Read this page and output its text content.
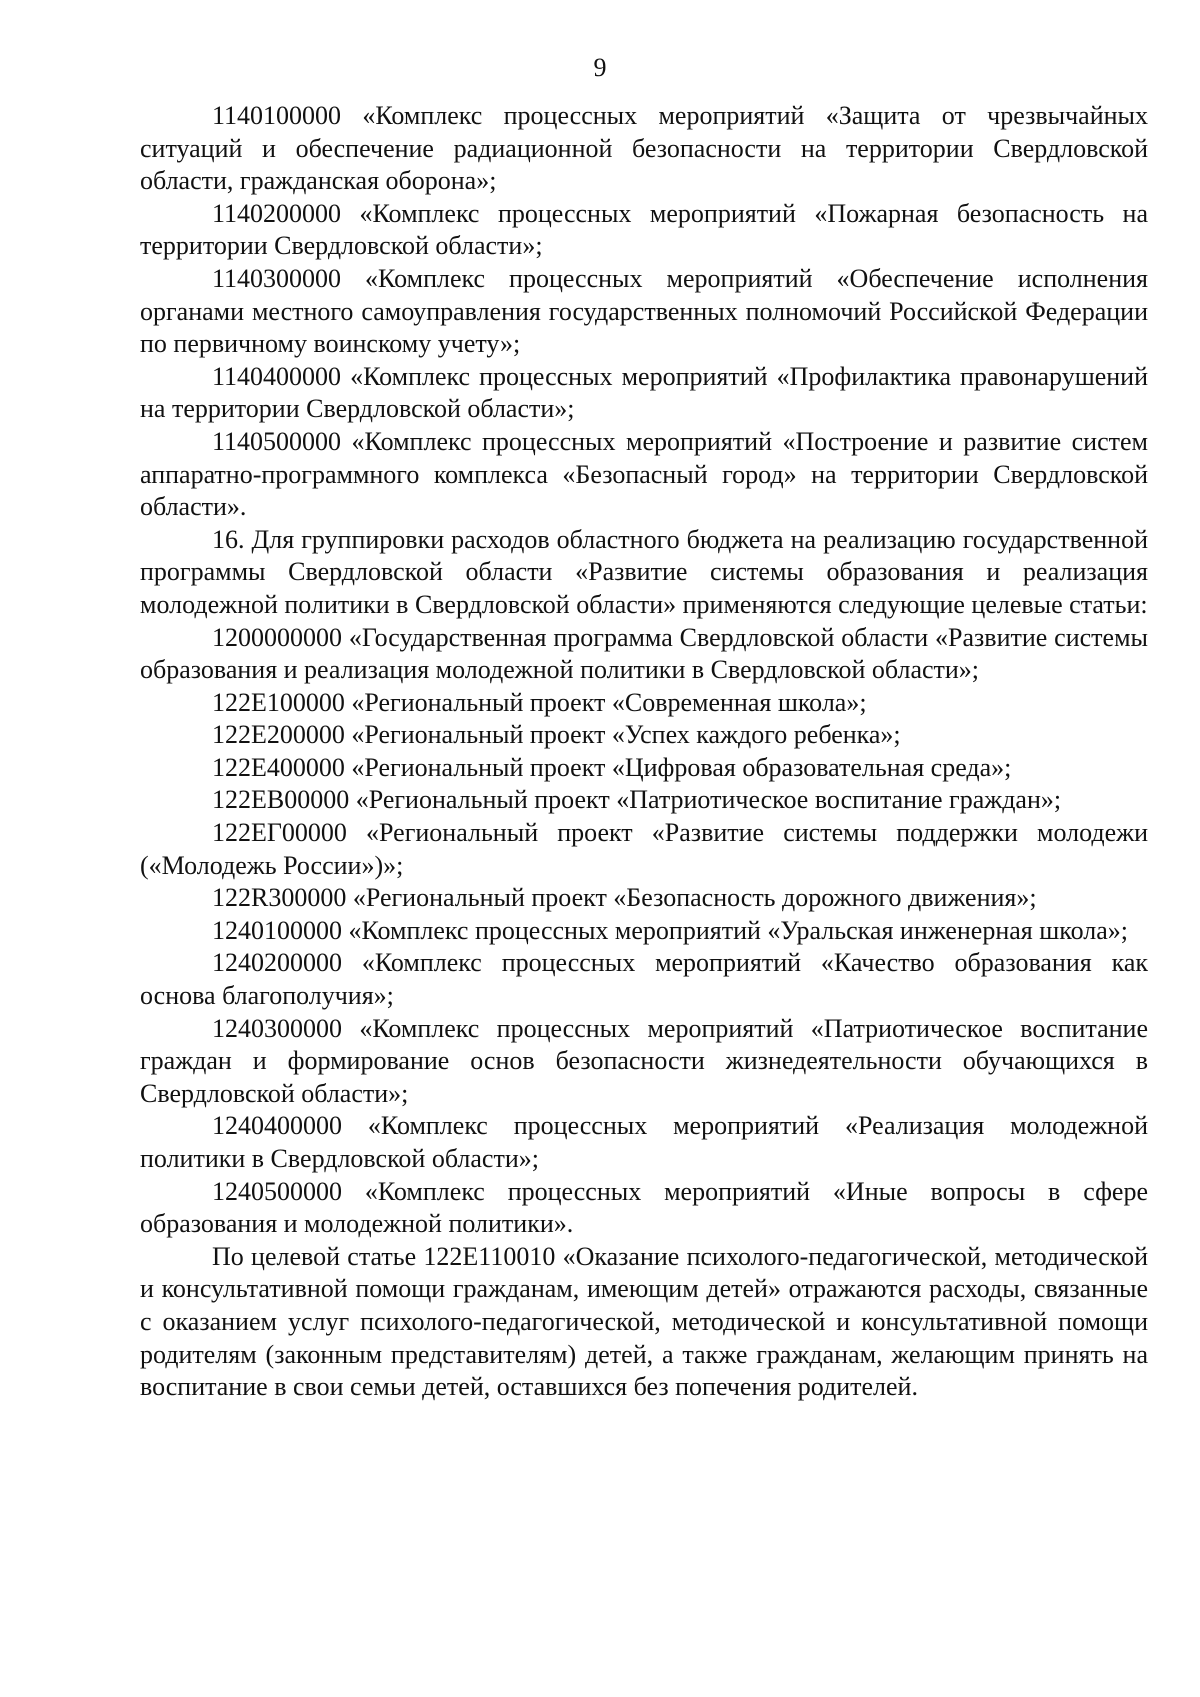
9

1140100000 «Комплекс процессных мероприятий «Защита от чрезвычайных ситуаций и обеспечение радиационной безопасности на территории Свердловской области, гражданская оборона»;

1140200000 «Комплекс процессных мероприятий «Пожарная безопасность на территории Свердловской области»;

1140300000 «Комплекс процессных мероприятий «Обеспечение исполнения органами местного самоуправления государственных полномочий Российской Федерации по первичному воинскому учету»;

1140400000 «Комплекс процессных мероприятий «Профилактика правонарушений на территории Свердловской области»;

1140500000 «Комплекс процессных мероприятий «Построение и развитие систем аппаратно-программного комплекса «Безопасный город» на территории Свердловской области».

16. Для группировки расходов областного бюджета на реализацию государственной программы Свердловской области «Развитие системы образования и реализация молодежной политики в Свердловской области» применяются следующие целевые статьи:

1200000000 «Государственная программа Свердловской области «Развитие системы образования и реализация молодежной политики в Свердловской области»;

122Е100000 «Региональный проект «Современная школа»;

122Е200000 «Региональный проект «Успех каждого ребенка»;

122Е400000 «Региональный проект «Цифровая образовательная среда»;

122ЕВ00000 «Региональный проект «Патриотическое воспитание граждан»;

122ЕГ00000 «Региональный проект «Развитие системы поддержки молодежи («Молодежь России»)»;

122R300000 «Региональный проект «Безопасность дорожного движения»;

1240100000 «Комплекс процессных мероприятий «Уральская инженерная школа»;

1240200000 «Комплекс процессных мероприятий «Качество образования как основа благополучия»;

1240300000 «Комплекс процессных мероприятий «Патриотическое воспитание граждан и формирование основ безопасности жизнедеятельности обучающихся в Свердловской области»;

1240400000 «Комплекс процессных мероприятий «Реализация молодежной политики в Свердловской области»;

1240500000 «Комплекс процессных мероприятий «Иные вопросы в сфере образования и молодежной политики».

По целевой статье 122Е110010 «Оказание психолого-педагогической, методической и консультативной помощи гражданам, имеющим детей» отражаются расходы, связанные с оказанием услуг психолого-педагогической, методической и консультативной помощи родителям (законным представителям) детей, а также гражданам, желающим принять на воспитание в свои семьи детей, оставшихся без попечения родителей.
